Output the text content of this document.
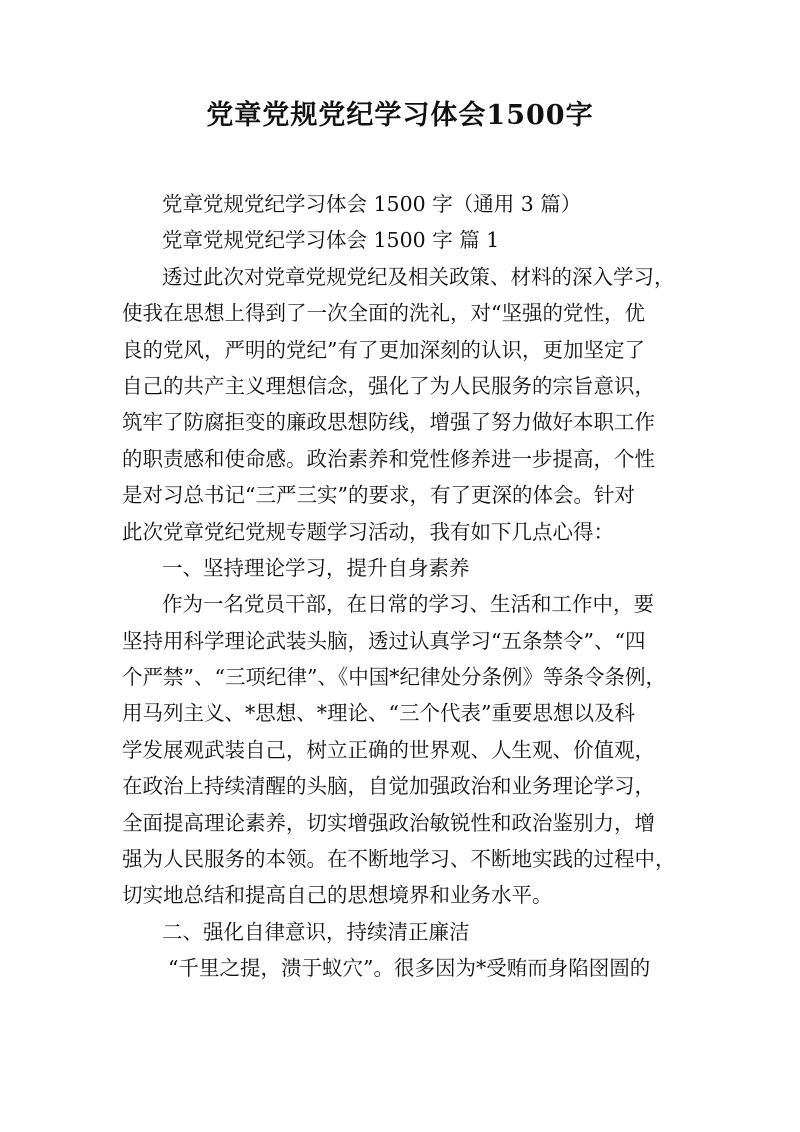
党章党规党纪学习体会1500字
党章党规党纪学习体会 1500 字（通用 3 篇）
党章党规党纪学习体会 1500 字 篇 1
透过此次对党章党规党纪及相关政策、材料的深入学习，
使我在思想上得到了一次全面的洗礼，对“坚强的党性，优
良的党风，严明的党纪”有了更加深刻的认识，更加坚定了
自己的共产主义理想信念，强化了为人民服务的宗旨意识，
筑牢了防腐拒变的廉政思想防线，增强了努力做好本职工作
的职责感和使命感。政治素养和党性修养进一步提高，个性
是对习总书记“三严三实”的要求，有了更深的体会。针对
此次党章党纪党规专题学习活动，我有如下几点心得：
一、坚持理论学习，提升自身素养
作为一名党员干部，在日常的学习、生活和工作中，要
坚持用科学理论武装头脑，透过认真学习“五条禁令”、“四
个严禁”、“三项纪律”、《中国*纪律处分条例》等条令条例，
用马列主义、*思想、*理论、“三个代表”重要思想以及科
学发展观武装自己，树立正确的世界观、人生观、价值观，
在政治上持续清醒的头脑，自觉加强政治和业务理论学习，
全面提高理论素养，切实增强政治敏锐性和政治鉴别力，增
强为人民服务的本领。在不断地学习、不断地实践的过程中，
切实地总结和提高自己的思想境界和业务水平。
二、强化自律意识，持续清正廉洁
“千里之提，溃于蚁穴”。很多因为*受贿而身陷囹圄的
